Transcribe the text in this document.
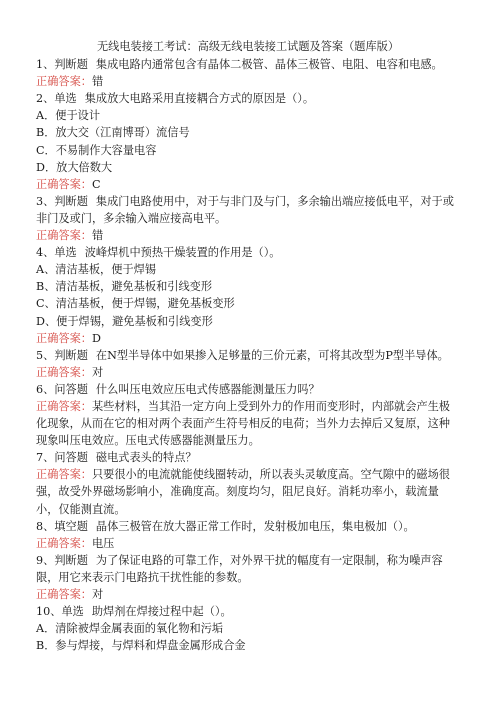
无线电装接工考试：高级无线电装接工试题及答案（题库版）

1、判断题 集成电路内通常包含有晶体二极管、晶体三极管、电阻、电容和电感。

正确答案：错

2、单选 集成放大电路采用直接耦合方式的原因是（）。

A．便于设计

B．放大交（江南博哥）流信号

C．不易制作大容量电容

D．放大倍数大

正确答案：C

3、判断题 集成门电路使用中，对于与非门及与门，多余输出端应接低电平，对于或非门及或门，多余输入端应接高电平。

正确答案：错

4、单选 波峰焊机中预热干燥装置的作用是（）。

A、清洁基板，便于焊锡

B、清洁基板，避免基板和引线变形

C、清洁基板，便于焊锡，避免基板变形

D、便于焊锡，避免基板和引线变形

正确答案：D

5、判断题 在N型半导体中如果掺入足够量的三价元素，可将其改型为P型半导体。

正确答案：对

6、问答题 什么叫压电效应压电式传感器能测量压力吗？

正确答案：某些材料，当其沿一定方向上受到外力的作用而变形时，内部就会产生极化现象，从而在它的相对两个表面产生符号相反的电荷；当外力去掉后又复原，这种现象叫压电效应。压电式传感器能测量压力。

7、问答题 磁电式表头的特点？

正确答案：只要很小的电流就能使线圈转动，所以表头灵敏度高。空气隙中的磁场很强，故受外界磁场影响小，准确度高。刻度均匀，阻尼良好。消耗功率小，载流量小，仅能测直流。

8、填空题 晶体三极管在放大器正常工作时，发射极加电压，集电极加（）。

正确答案：电压

9、判断题 为了保证电路的可靠工作，对外界干扰的幅度有一定限制，称为噪声容限，用它来表示门电路抗干扰性能的参数。

正确答案：对

10、单选 助焊剂在焊接过程中起（）。

A．清除被焊金属表面的氧化物和污垢

B．参与焊接，与焊料和焊盘金属形成合金
